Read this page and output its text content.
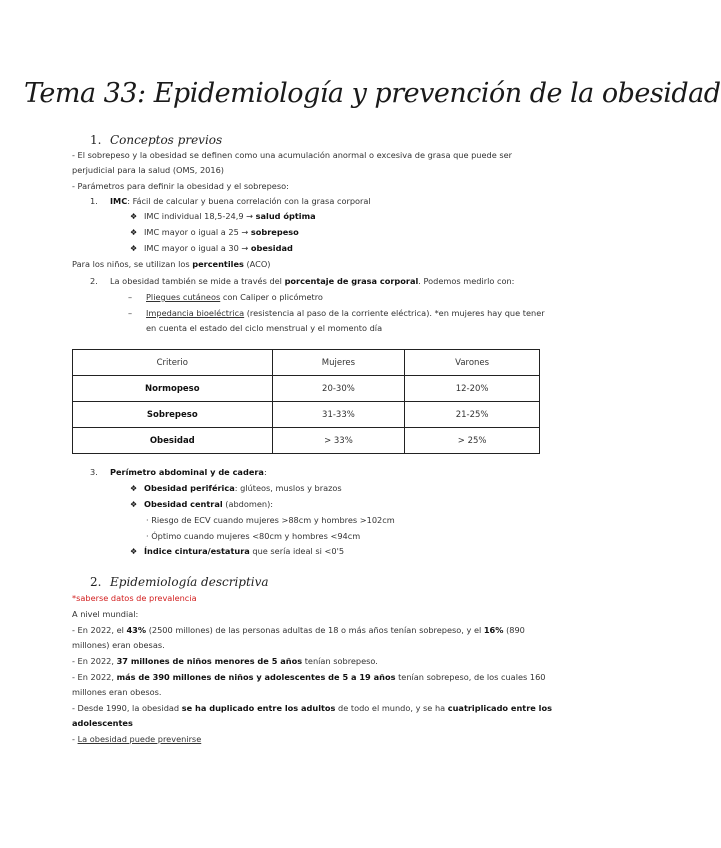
Tema 33: Epidemiología y prevención de la obesidad
1. Conceptos previos
- El sobrepeso y la obesidad se definen como una acumulación anormal o excesiva de grasa que puede ser
perjudicial para la salud (OMS, 2016)
- Parámetros para definir la obesidad y el sobrepeso:
1. IMC: Fácil de calcular y buena correlación con la grasa corporal
❖ IMC individual 18,5-24,9 → salud óptima
❖ IMC mayor o igual a 25 → sobrepeso
❖ IMC mayor o igual a 30 → obesidad
Para los niños, se utilizan los percentiles (ACO)
2. La obesidad también se mide a través del porcentaje de grasa corporal. Podemos medirlo con:
– Pliegues cutáneos con Caliper o plicómetro
– Impedancia bioeléctrica (resistencia al paso de la corriente eléctrica). *en mujeres hay que tener
en cuenta el estado del ciclo menstrual y el momento día
Criterio	Mujeres	Varones
Normopeso	20-30%	12-20%
Sobrepeso	31-33%	21-25%
Obesidad	> 33%	> 25%
3. Perímetro abdominal y de cadera:
❖ Obesidad periférica: glúteos, muslos y brazos
❖ Obesidad central (abdomen):
· Riesgo de ECV cuando mujeres >88cm y hombres >102cm
· Óptimo cuando mujeres <80cm y hombres <94cm
❖ Índice cintura/estatura que sería ideal si <0'5
2. Epidemiología descriptiva
*saberse datos de prevalencia
A nivel mundial:
- En 2022, el 43% (2500 millones) de las personas adultas de 18 o más años tenían sobrepeso, y el 16% (890
millones) eran obesas.
- En 2022, 37 millones de niños menores de 5 años tenían sobrepeso.
- En 2022, más de 390 millones de niños y adolescentes de 5 a 19 años tenían sobrepeso, de los cuales 160
millones eran obesos.
- Desde 1990, la obesidad se ha duplicado entre los adultos de todo el mundo, y se ha cuatriplicado entre los
adolescentes
- La obesidad puede prevenirse
